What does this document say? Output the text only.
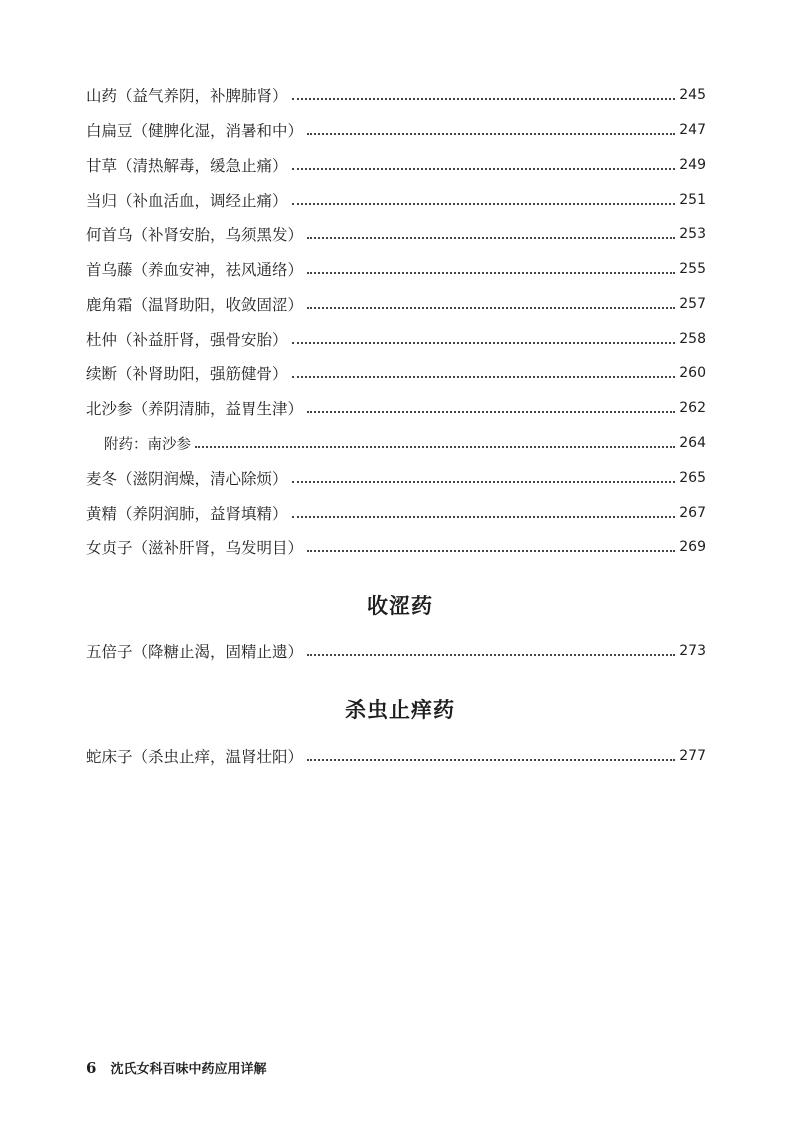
山药（益气养阴，补脾肺肾）	245
白扁豆（健脾化湿，消暑和中）	247
甘草（清热解毒，缓急止痛）	249
当归（补血活血，调经止痛）	251
何首乌（补肾安胎，乌须黑发）	253
首乌藤（养血安神，祛风通络）	255
鹿角霜（温肾助阳，收敛固涩）	257
杜仲（补益肝肾，强骨安胎）	258
续断（补肾助阳，强筋健骨）	260
北沙参（养阴清肺，益胃生津）	262
附药：南沙参	264
麦冬（滋阴润燥，清心除烦）	265
黄精（养阴润肺，益肾填精）	267
女贞子（滋补肝肾，乌发明目）	269
收涩药
五倍子（降糖止渴，固精止遗）	273
杀虫止痒药
蛇床子（杀虫止痒，温肾壮阳）	277
6 沈氏女科百味中药应用详解
